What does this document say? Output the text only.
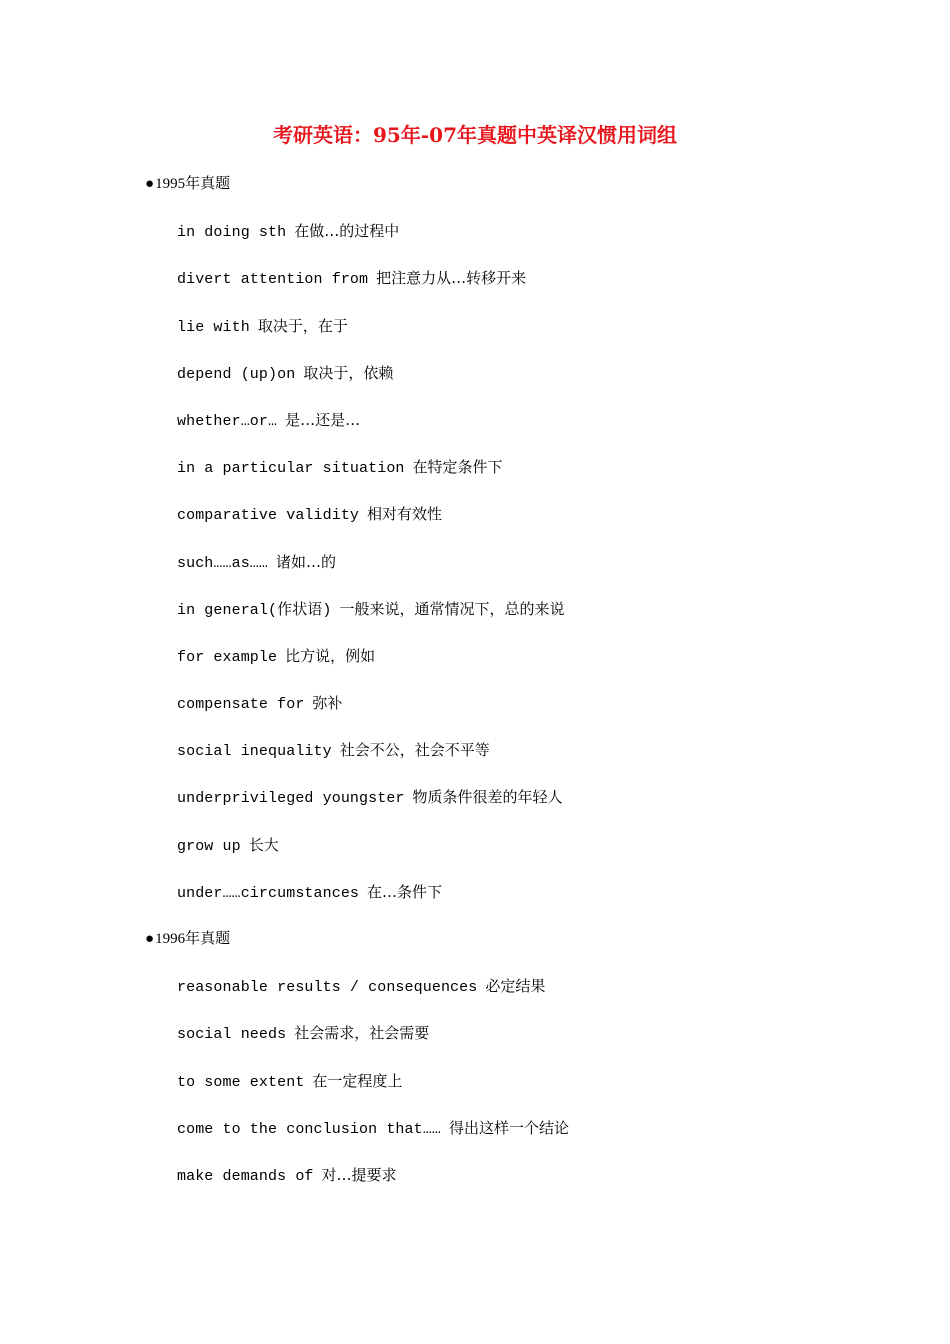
考研英语：95年-07年真题中英译汉惯用词组
●1995年真题
in doing sth 在做…的过程中
divert attention from 把注意力从…转移开来
lie with 取决于，在于
depend (up)on 取决于，依赖
whether…or… 是…还是…
in a particular situation 在特定条件下
comparative validity 相对有效性
such……as…… 诸如…的
in general(作状语) 一般来说，通常情况下，总的来说
for example 比方说，例如
compensate for 弥补
social inequality 社会不公，社会不平等
underprivileged youngster 物质条件很差的年轻人
grow up 长大
under……circumstances 在…条件下
●1996年真题
reasonable results / consequences 必定结果
social needs 社会需求，社会需要
to some extent 在一定程度上
come to the conclusion that…… 得出这样一个结论
make demands of 对…提要求
